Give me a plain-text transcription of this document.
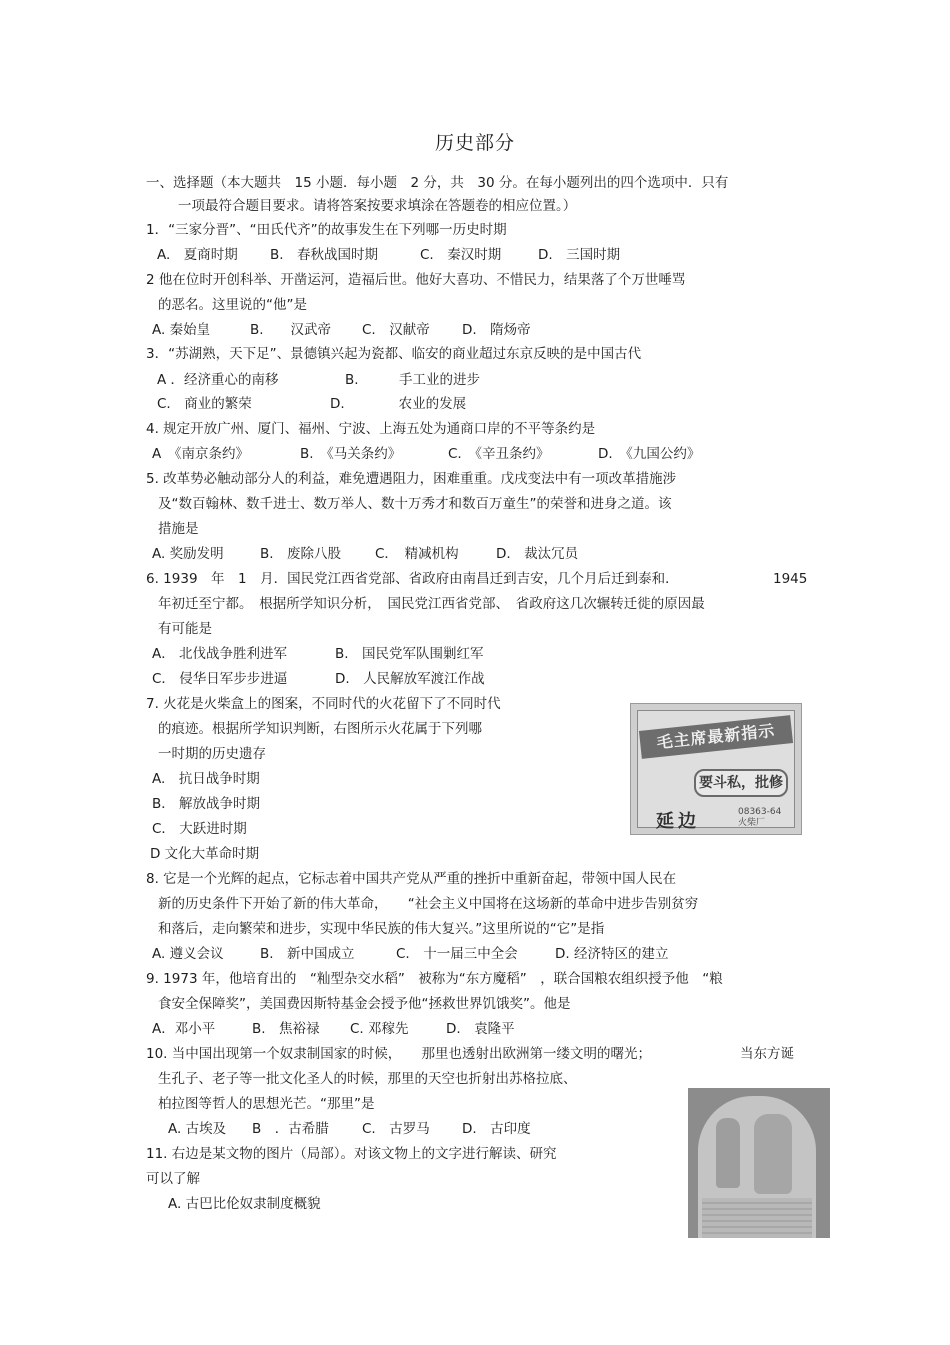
历史部分
一、选择题（本大题共　15 小题．每小题　2 分，共　30 分。在每小题列出的四个选项中．只有
一项最符合题目要求。请将答案按要求填涂在答题卷的相应位置。）
1．“三家分晋”、“田氏代齐”的故事发生在下列哪一历史时期
A.　夏商时期 B.　春秋战国时期	C.　秦汉时期	D.　三国时期
2 他在位时开创科举、开凿运河，造福后世。他好大喜功、不惜民力，结果落了个万世唾骂
的恶名。这里说的“他”是
A. 秦始皇	B.　　汉武帝 C.　汉献帝 D.　隋炀帝
3．“苏湖熟，天下足”、景德镇兴起为瓷都、临安的商业超过东京反映的是中国古代
A ．经济重心的南移	B.　　　手工业的进步
C.　商业的繁荣	D.　　　　农业的发展
4. 规定开放广州、厦门、福州、宁波、上海五处为通商口岸的不平等条约是
A　《南京条约》	B.　《马关条约》	C.　《辛丑条约》	D.　《九国公约》
5. 改革势必触动部分人的利益，难免遭遇阻力，困难重重。戊戌变法中有一项改革措施涉
及“数百翰林、数千进士、数万举人、数十万秀才和数百万童生”的荣誉和进身之道。该
措施是
A. 奖励发明	B.　废除八股	C．　精减机构	D.　裁汰冗员
6. 1939　年　1　月．国民党江西省党部、省政府由南昌迁到吉安，几个月后迁到泰和．	1945
年初迁至宁都。　根据所学知识分析，　国民党江西省党部、　省政府这几次辗转迁徙的原因最
有可能是
A． 北伐战争胜利进军	B.　国民党军队围剿红军
C． 侵华日军步步进逼	D.　人民解放军渡江作战
7. 火花是火柴盒上的图案，不同时代的火花留下了不同时代
的痕迹。根据所学知识判断，右图所示火花属于下列哪
一时期的历史遗存
A.　抗日战争时期
B． 解放战争时期
C． 大跃进时期
D 文化大革命时期
毛主席最新指示
要斗私，批修
延边	08363-64
火柴厂
8. 它是一个光辉的起点，它标志着中国共产党从严重的挫折中重新奋起，带领中国人民在
新的历史条件下开始了新的伟大革命，　　“社会主义中国将在这场新的革命中进步告别贫穷
和落后，走向繁荣和进步，实现中华民族的伟大复兴。”这里所说的“它”是指
A. 遵义会议	B.　新中国成立	C.　十一届三中全会	D. 经济特区的建立
9. 1973 年，他培育出的　“籼型杂交水稻”　被称为“东方魔稻”　，联合国粮农组织授予他　“粮
食安全保障奖”，美国费因斯特基金会授予他“拯救世界饥饿奖”。他是
A．邓小平	B.　焦裕禄 C. 邓稼先	D.　袁隆平
10. 当中国出现第一个奴隶制国家的时候，　　那里也透射出欧洲第一缕文明的曙光；	当东方诞
生孔子、老子等一批文化圣人的时候，那里的天空也折射出苏格拉底、
柏拉图等哲人的思想光芒。“那里”是
A. 古埃及 B　．古希腊 C.　古罗马 D.　古印度
11. 右边是某文物的图片（局部）。对该文物上的文字进行解读、研究
可以了解
A. 古巴比伦奴隶制度概貌
